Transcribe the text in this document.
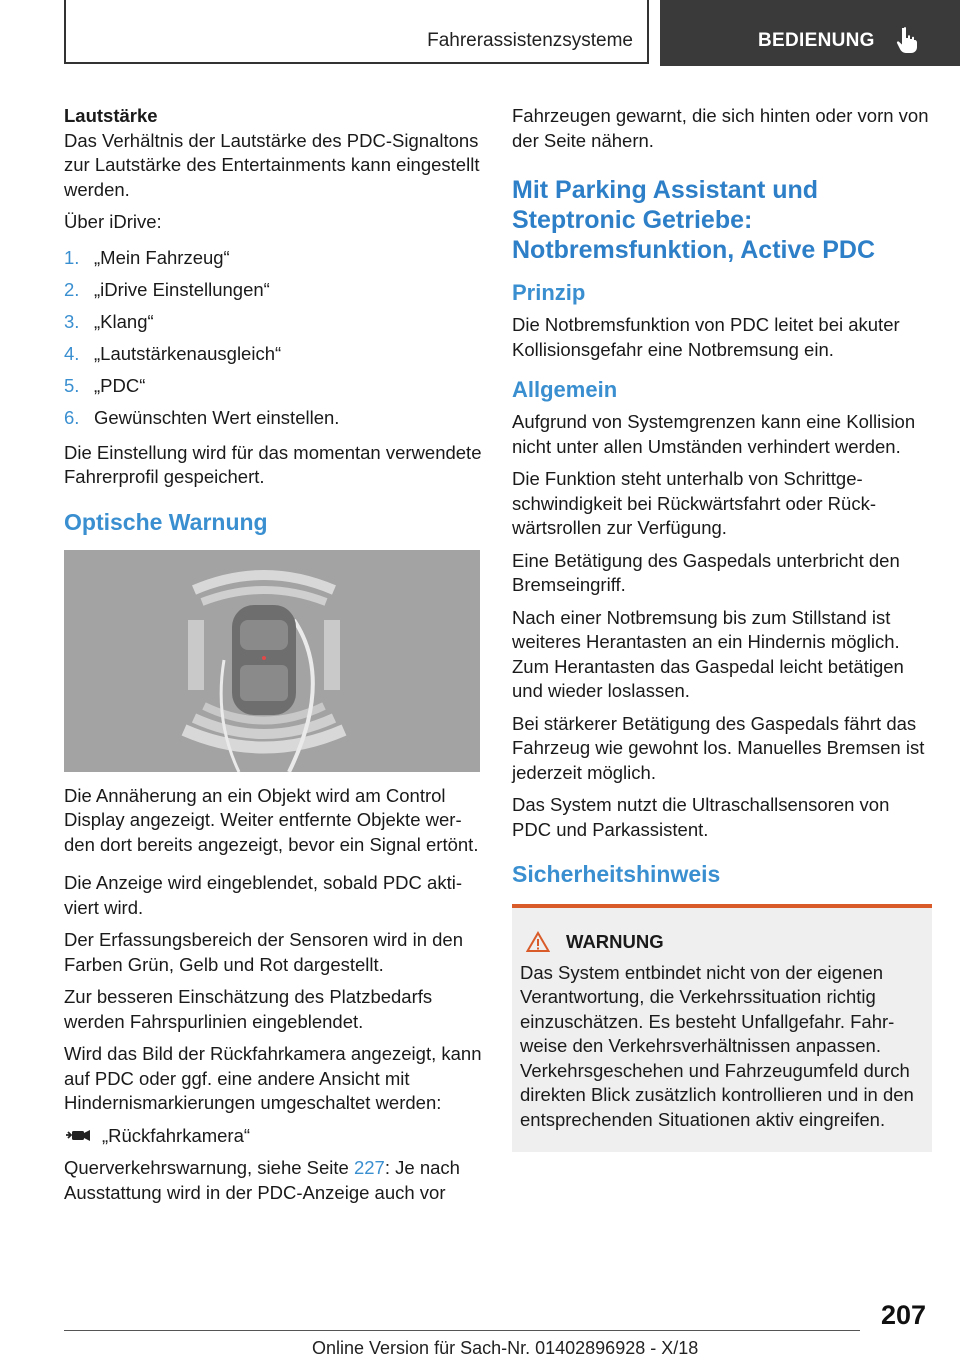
Fahrerassistenzsysteme	BEDIENUNG

Lautstärke

Das Verhältnis der Lautstärke des PDC-Signaltons zur Lautstärke des Entertainments kann eingestellt werden.

Über iDrive:

1. „Mein Fahrzeug“
2. „iDrive Einstellungen“
3. „Klang“
4. „Lautstärkenausgleich“
5. „PDC“
6. Gewünschten Wert einstellen.

Die Einstellung wird für das momentan verwendete Fahrerprofil gespeichert.

Optische Warnung

Die Annäherung an ein Objekt wird am Control Display angezeigt. Weiter entfernte Objekte werden dort bereits angezeigt, bevor ein Signal ertönt.

Die Anzeige wird eingeblendet, sobald PDC aktiviert wird.

Der Erfassungsbereich der Sensoren wird in den Farben Grün, Gelb und Rot dargestellt.

Zur besseren Einschätzung des Platzbedarfs werden Fahrspurlinien eingeblendet.

Wird das Bild der Rückfahrkamera angezeigt, kann auf PDC oder ggf. eine andere Ansicht mit Hindernismarkierungen umgeschaltet werden:

„Rückfahrkamera“

Querverkehrswarnung, siehe Seite 227: Je nach Ausstattung wird in der PDC-Anzeige auch vor

Fahrzeugen gewarnt, die sich hinten oder vorn von der Seite nähern.

Mit Parking Assistant und Steptronic Getriebe: Notbremsfunktion, Active PDC
Prinzip

Die Notbremsfunktion von PDC leitet bei akuter Kollisionsgefahr eine Notbremsung ein.

Allgemein

Aufgrund von Systemgrenzen kann eine Kollision nicht unter allen Umständen verhindert werden.

Die Funktion steht unterhalb von Schrittgeschwindigkeit bei Rückwärtsfahrt oder Rückwärtsrollen zur Verfügung.

Eine Betätigung des Gaspedals unterbricht den Bremseingriff.

Nach einer Notbremsung bis zum Stillstand ist weiteres Herantasten an ein Hindernis möglich. Zum Herantasten das Gaspedal leicht betätigen und wieder loslassen.

Bei stärkerer Betätigung des Gaspedals fährt das Fahrzeug wie gewohnt los. Manuelles Bremsen ist jederzeit möglich.

Das System nutzt die Ultraschallsensoren von PDC und Parkassistent.

Sicherheitshinweis
WARNUNG

Das System entbindet nicht von der eigenen Verantwortung, die Verkehrssituation richtig einzuschätzen. Es besteht Unfallgefahr. Fahrweise den Verkehrsverhältnissen anpassen. Verkehrsgeschehen und Fahrzeugumfeld durch direkten Blick zusätzlich kontrollieren und in den entsprechenden Situationen aktiv eingreifen.

207
Online Version für Sach-Nr. 01402896928 - X/18
